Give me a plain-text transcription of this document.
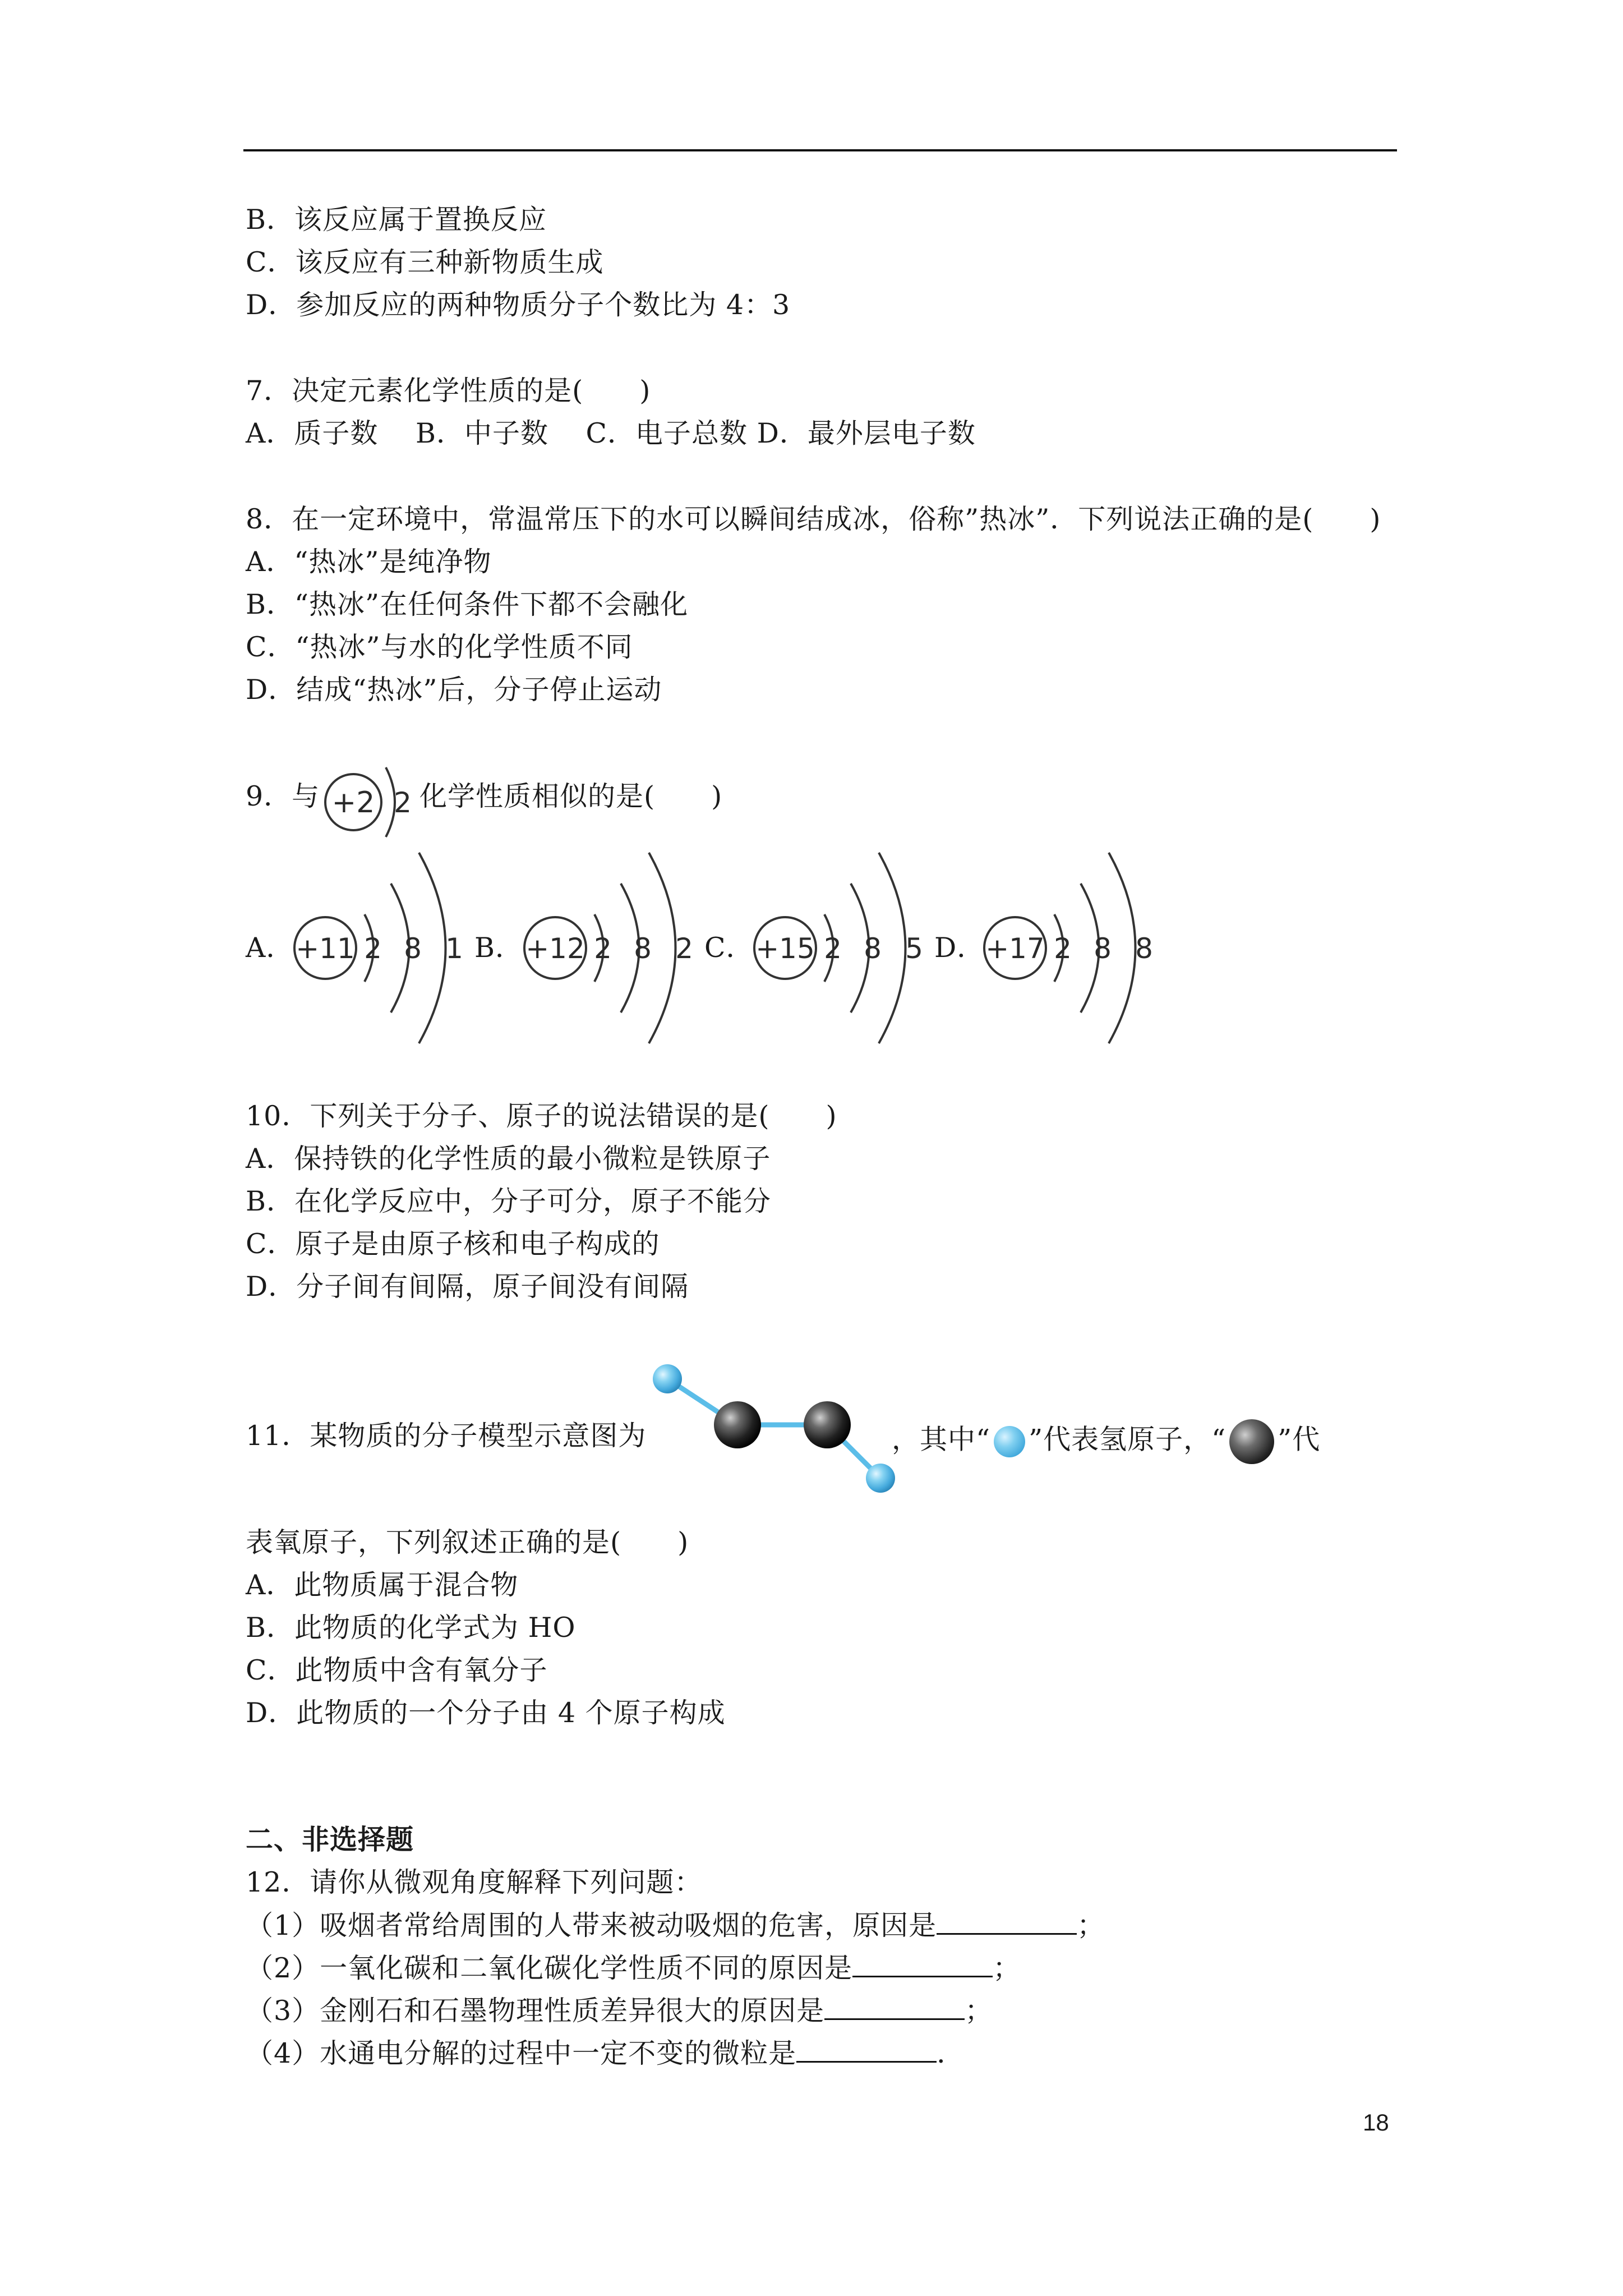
B．该反应属于置换反应
C．该反应有三种新物质生成
D．参加反应的两种物质分子个数比为 4：3
7．决定元素化学性质的是(　　)
A．质子数　 B．中子数　 C．电子总数 D．最外层电子数
8．在一定环境中，常温常压下的水可以瞬间结成冰，俗称”热冰”．下列说法正确的是(　　)
A．“热冰”是纯净物
B．“热冰”在任何条件下都不会融化
C．“热冰”与水的化学性质不同
D．结成“热冰”后，分子停止运动
9．与	化学性质相似的是(　　)
+2 2
A．	B．	C．	D．
+11 2 8 1 +12 2 8 2 +15 2 8 5 +17 2 8 8
10．下列关于分子、原子的说法错误的是(　　)
A．保持铁的化学性质的最小微粒是铁原子
B．在化学反应中，分子可分，原子不能分
C．原子是由原子核和电子构成的
D．分子间有间隔，原子间没有间隔
11．某物质的分子模型示意图为	，其中“ ”代表氢原子，“ ”代
表氧原子，下列叙述正确的是(　　)
A．此物质属于混合物
B．此物质的化学式为 HO
C．此物质中含有氧分子
D．此物质的一个分子由 4 个原子构成
二、非选择题
12．请你从微观角度解释下列问题：
（1）吸烟者常给周围的人带来被动吸烟的危害，原因是	；
（2）一氧化碳和二氧化碳化学性质不同的原因是	；
（3）金刚石和石墨物理性质差异很大的原因是	；
（4）水通电分解的过程中一定不变的微粒是	．
18
